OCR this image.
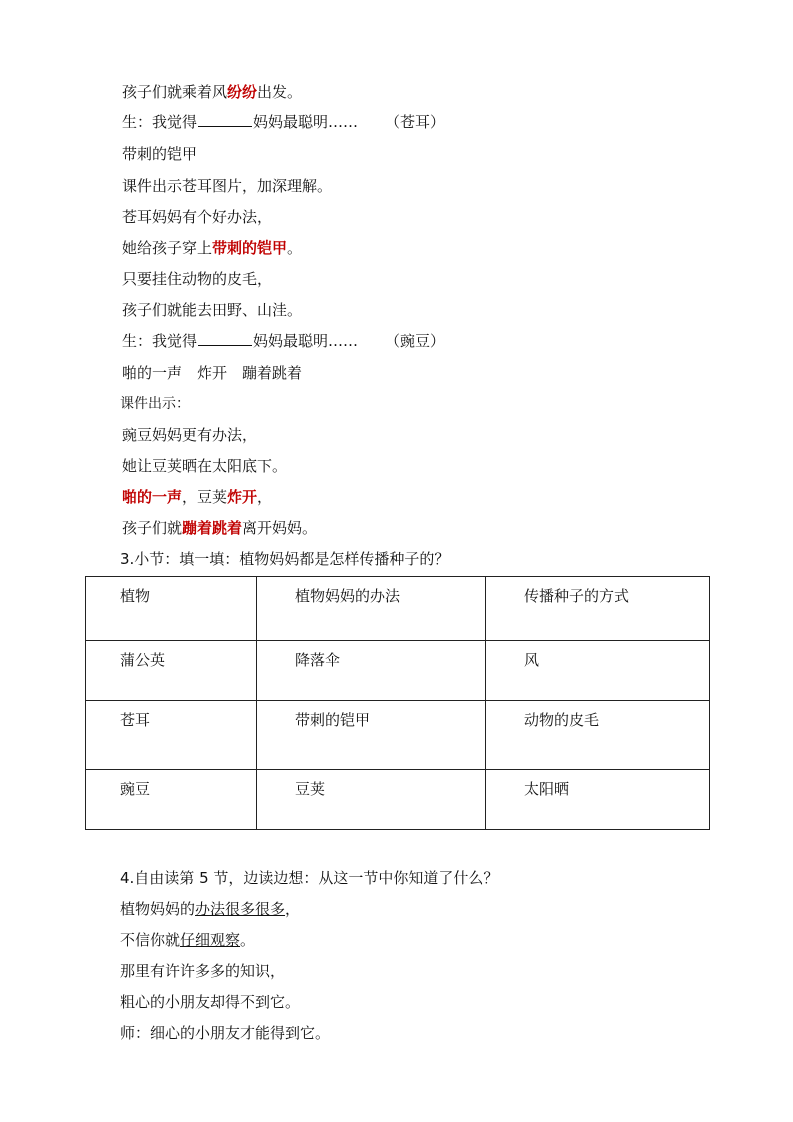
孩子们就乘着风纷纷出发。
生：我觉得	妈妈最聪明…… （苍耳）
带刺的铠甲
课件出示苍耳图片，加深理解。
苍耳妈妈有个好办法，
她给孩子穿上带刺的铠甲。
只要挂住动物的皮毛，
孩子们就能去田野、山洼。
生：我觉得	妈妈最聪明…… （豌豆）
啪的一声　炸开　蹦着跳着
课件出示：
豌豆妈妈更有办法，
她让豆荚晒在太阳底下。
啪的一声，豆荚炸开，
孩子们就蹦着跳着离开妈妈。
3.小节：填一填：植物妈妈都是怎样传播种子的？
植物	植物妈妈的办法	传播种子的方式

蒲公英	降落伞	风

苍耳	带刺的铠甲	动物的皮毛

豌豆	豆荚	太阳晒
4.自由读第 5 节，边读边想：从这一节中你知道了什么？
植物妈妈的办法很多很多，
不信你就仔细观察。
那里有许许多多的知识，
粗心的小朋友却得不到它。
师：细心的小朋友才能得到它。
